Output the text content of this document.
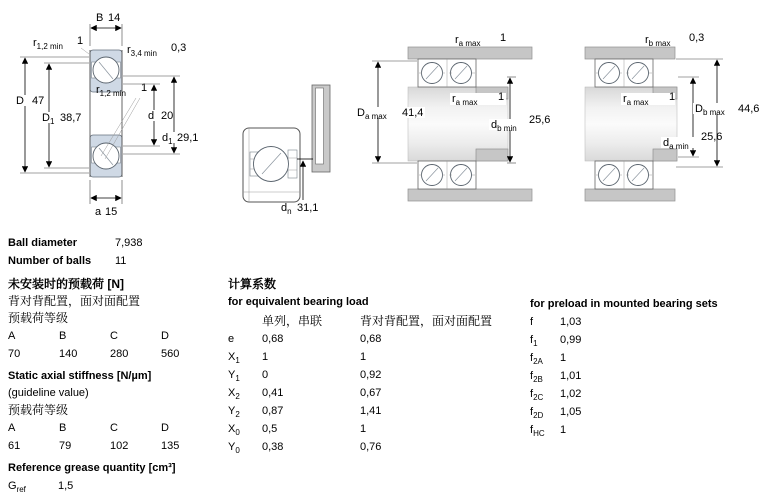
B 14
a 15
$r_{1,2 min}$ 1
$r_{3,4 min}$ 0,3
$r_{1,2 min}$ 1
D 47
$D_1$ 38,7	d 20
$d_1$ 29,1
$d_n$ 31,1
$r_{a max}$ 1
$r_{a max}$ 1
$D_{a max}$ 41,4
$d_{b min}$
25,6
$r_{b max}$ 0,3
$r_{a max}$ 1
$d_{a min}$
25,6
$D_{b max}$ 44,6
Ball diameter	7,938
Number of balls	11
未安装时的预载荷 [N]
背对背配置，面对面配置
预载荷等级
A	B	C	D
70	140	280	560
Static axial stiffness [N/µm]
(guideline value)
预载荷等级
A	B	C	D
61	79	102	135
Reference grease quantity [cm³]
$G_{ref}$	1,5
计算系数
for equivalent bearing load
单列，串联	背对背配置，面对面配置
e	0,68	0,68
$X_1$	1	1
$Y_1$	0	0,92
$X_2$	0,41	0,67
$Y_2$	0,87	1,41
$X_0$	0,5	1
$Y_0$	0,38	0,76
for preload in mounted bearing sets
f	1,03
$f_1$	0,99
$f_{2A}$	1
$f_{2B}$	1,01
$f_{2C}$	1,02
$f_{2D}$	1,05
$f_{HC}$	1
